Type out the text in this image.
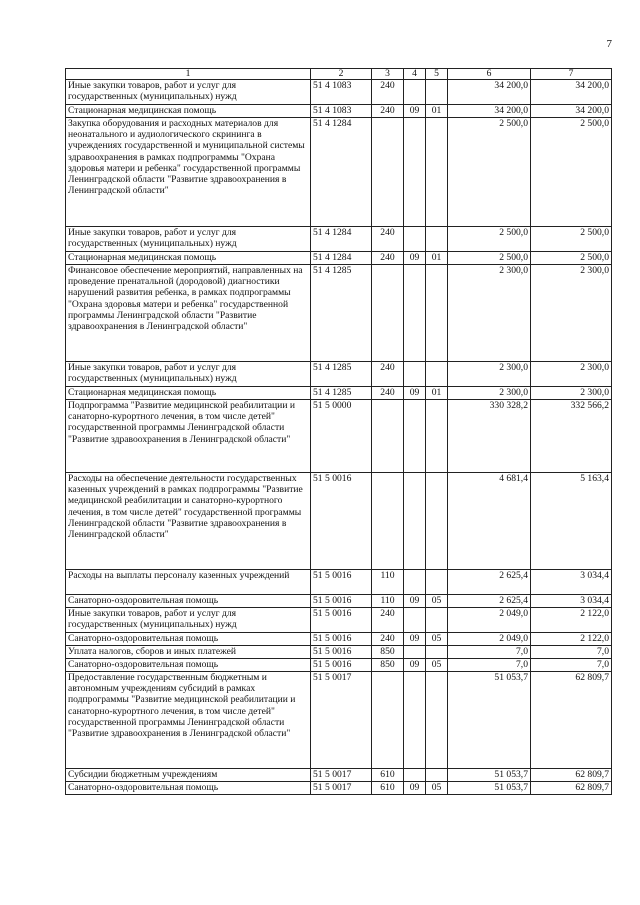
7
1	2	3	4	5	6	7
Иные закупки товаров, работ и услуг для государственных (муниципальных) нужд	51 4 1083	240			34 200,0	34 200,0
Стационарная медицинская помощь	51 4 1083	240	09	01	34 200,0	34 200,0
Закупка оборудования и расходных материалов для неонатального и аудиологического скрининга в учреждениях государственной и муниципальной системы здравоохранения в рамках подпрограммы "Охрана здоровья матери и ребенка" государственной программы Ленинградской области "Развитие здравоохранения в Ленинградской области"	51 4 1284				2 500,0	2 500,0
Иные закупки товаров, работ и услуг для государственных (муниципальных) нужд	51 4 1284	240			2 500,0	2 500,0
Стационарная медицинская помощь	51 4 1284	240	09	01	2 500,0	2 500,0
Финансовое обеспечение мероприятий, направленных на проведение пренатальной (дородовой) диагностики нарушений развития ребенка, в рамках подпрограммы "Охрана здоровья матери и ребенка" государственной программы Ленинградской области "Развитие здравоохранения в Ленинградской области"	51 4 1285				2 300,0	2 300,0
Иные закупки товаров, работ и услуг для государственных (муниципальных) нужд	51 4 1285	240			2 300,0	2 300,0
Стационарная медицинская помощь	51 4 1285	240	09	01	2 300,0	2 300,0
Подпрограмма "Развитие медицинской реабилитации и санаторно-курортного лечения, в том числе детей" государственной программы Ленинградской области "Развитие здравоохранения в Ленинградской области"	51 5 0000				330 328,2	332 566,2
Расходы на обеспечение деятельности государственных казенных учреждений в рамках подпрограммы "Развитие медицинской реабилитации и санаторно-курортного лечения, в том числе детей" государственной программы Ленинградской области "Развитие здравоохранения в Ленинградской области"	51 5 0016				4 681,4	5 163,4
Расходы на выплаты персоналу казенных учреждений	51 5 0016	110			2 625,4	3 034,4
Санаторно-оздоровительная помощь	51 5 0016	110	09	05	2 625,4	3 034,4
Иные закупки товаров, работ и услуг для государственных (муниципальных) нужд	51 5 0016	240			2 049,0	2 122,0
Санаторно-оздоровительная помощь	51 5 0016	240	09	05	2 049,0	2 122,0
Уплата налогов, сборов и иных платежей	51 5 0016	850			7,0	7,0
Санаторно-оздоровительная помощь	51 5 0016	850	09	05	7,0	7,0
Предоставление государственным бюджетным и автономным учреждениям субсидий в рамках подпрограммы "Развитие медицинской реабилитации и санаторно-курортного лечения, в том числе детей" государственной программы Ленинградской области "Развитие здравоохранения в Ленинградской области"	51 5 0017				51 053,7	62 809,7
Субсидии бюджетным учреждениям	51 5 0017	610			51 053,7	62 809,7
Санаторно-оздоровительная помощь	51 5 0017	610	09	05	51 053,7	62 809,7
